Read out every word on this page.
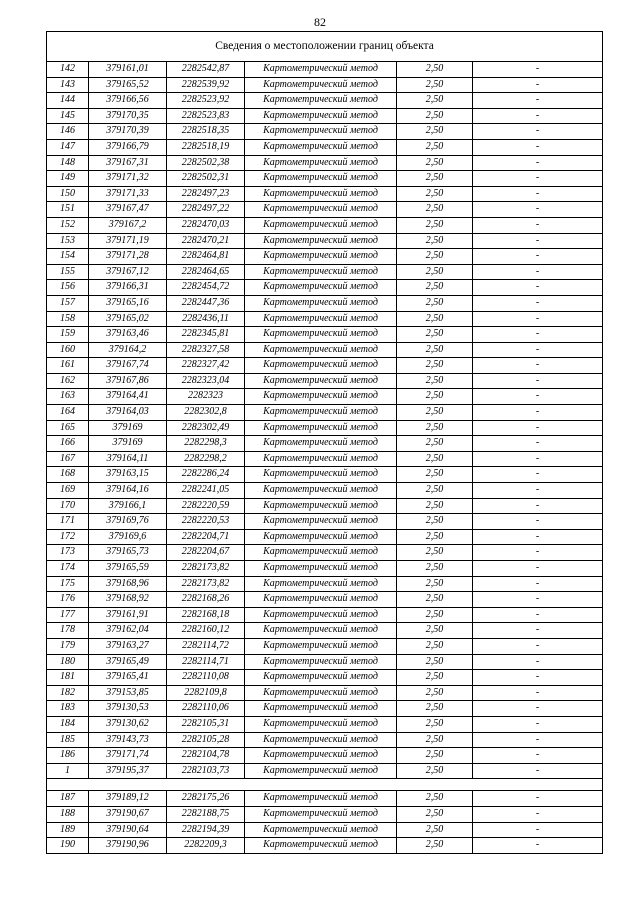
82
Сведения о местоположении границ объекта					
142	379161,01	2282542,87	Картометрический метод	2,50	-
143	379165,52	2282539,92	Картометрический метод	2,50	-
144	379166,56	2282523,92	Картометрический метод	2,50	-
145	379170,35	2282523,83	Картометрический метод	2,50	-
146	379170,39	2282518,35	Картометрический метод	2,50	-
147	379166,79	2282518,19	Картометрический метод	2,50	-
148	379167,31	2282502,38	Картометрический метод	2,50	-
149	379171,32	2282502,31	Картометрический метод	2,50	-
150	379171,33	2282497,23	Картометрический метод	2,50	-
151	379167,47	2282497,22	Картометрический метод	2,50	-
152	379167,2	2282470,03	Картометрический метод	2,50	-
153	379171,19	2282470,21	Картометрический метод	2,50	-
154	379171,28	2282464,81	Картометрический метод	2,50	-
155	379167,12	2282464,65	Картометрический метод	2,50	-
156	379166,31	2282454,72	Картометрический метод	2,50	-
157	379165,16	2282447,36	Картометрический метод	2,50	-
158	379165,02	2282436,11	Картометрический метод	2,50	-
159	379163,46	2282345,81	Картометрический метод	2,50	-
160	379164,2	2282327,58	Картометрический метод	2,50	-
161	379167,74	2282327,42	Картометрический метод	2,50	-
162	379167,86	2282323,04	Картометрический метод	2,50	-
163	379164,41	2282323	Картометрический метод	2,50	-
164	379164,03	2282302,8	Картометрический метод	2,50	-
165	379169	2282302,49	Картометрический метод	2,50	-
166	379169	2282298,3	Картометрический метод	2,50	-
167	379164,11	2282298,2	Картометрический метод	2,50	-
168	379163,15	2282286,24	Картометрический метод	2,50	-
169	379164,16	2282241,05	Картометрический метод	2,50	-
170	379166,1	2282220,59	Картометрический метод	2,50	-
171	379169,76	2282220,53	Картометрический метод	2,50	-
172	379169,6	2282204,71	Картометрический метод	2,50	-
173	379165,73	2282204,67	Картометрический метод	2,50	-
174	379165,59	2282173,82	Картометрический метод	2,50	-
175	379168,96	2282173,82	Картометрический метод	2,50	-
176	379168,92	2282168,26	Картометрический метод	2,50	-
177	379161,91	2282168,18	Картометрический метод	2,50	-
178	379162,04	2282160,12	Картометрический метод	2,50	-
179	379163,27	2282114,72	Картометрический метод	2,50	-
180	379165,49	2282114,71	Картометрический метод	2,50	-
181	379165,41	2282110,08	Картометрический метод	2,50	-
182	379153,85	2282109,8	Картометрический метод	2,50	-
183	379130,53	2282110,06	Картометрический метод	2,50	-
184	379130,62	2282105,31	Картометрический метод	2,50	-
185	379143,73	2282105,28	Картометрический метод	2,50	-
186	379171,74	2282104,78	Картометрический метод	2,50	-
1	379195,37	2282103,73	Картометрический метод	2,50	-

187	379189,12	2282175,26	Картометрический метод	2,50	-
188	379190,67	2282188,75	Картометрический метод	2,50	-
189	379190,64	2282194,39	Картометрический метод	2,50	-
190	379190,96	2282209,3	Картометрический метод	2,50	-
